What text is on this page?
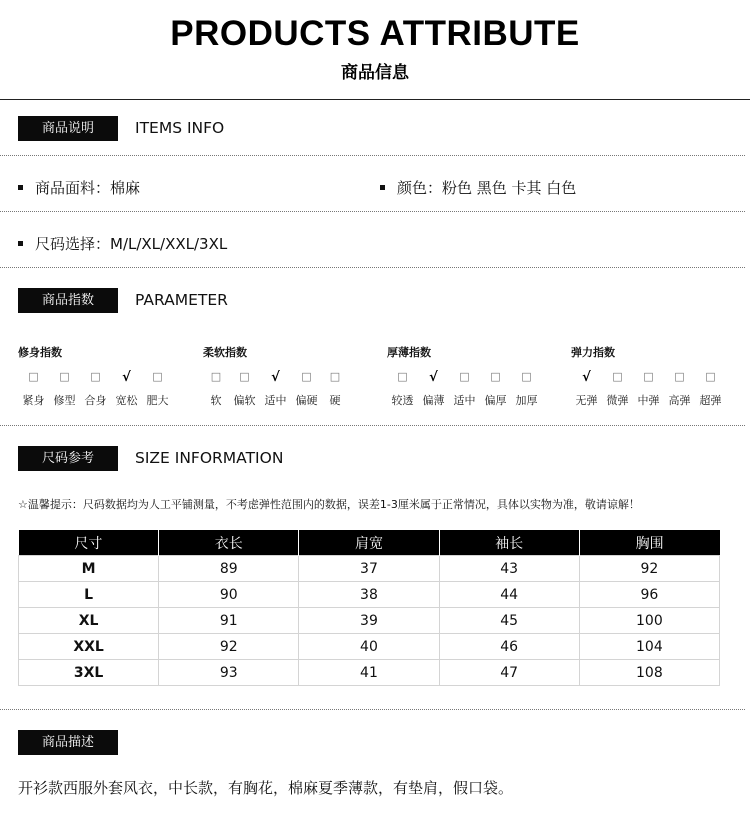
PRODUCTS ATTRIBUTE
商品信息
商品说明	ITEMS INFO
商品面料：棉麻	颜色：粉色 黑色 卡其 白色
尺码选择：M/L/XL/XXL/3XL
商品指数	PARAMETER
修身指数
□	□	□	√	□
紧身 修型 合身 宽松 肥大
柔软指数
□	□	√	□	□
软	偏软 适中 偏硬	硬
厚薄指数
□	√	□	□	□
较透 偏薄 适中 偏厚 加厚
弹力指数
√	□	□	□	□
无弹 微弹 中弹 高弹 超弹
尺码参考	SIZE INFORMATION
☆温馨提示：尺码数据均为人工平铺测量，不考虑弹性范围内的数据，误差1-3厘米属于正常情况，具体以实物为准，敬请谅解！
尺寸	衣长	肩宽	袖长	胸围
M	89	37	43	92
L	90	38	44	96
XL	91	39	45	100
XXL	92	40	46	104
3XL	93	41	47	108
商品描述
开衫款西服外套风衣，中长款，有胸花，棉麻夏季薄款，有垫肩，假口袋。
